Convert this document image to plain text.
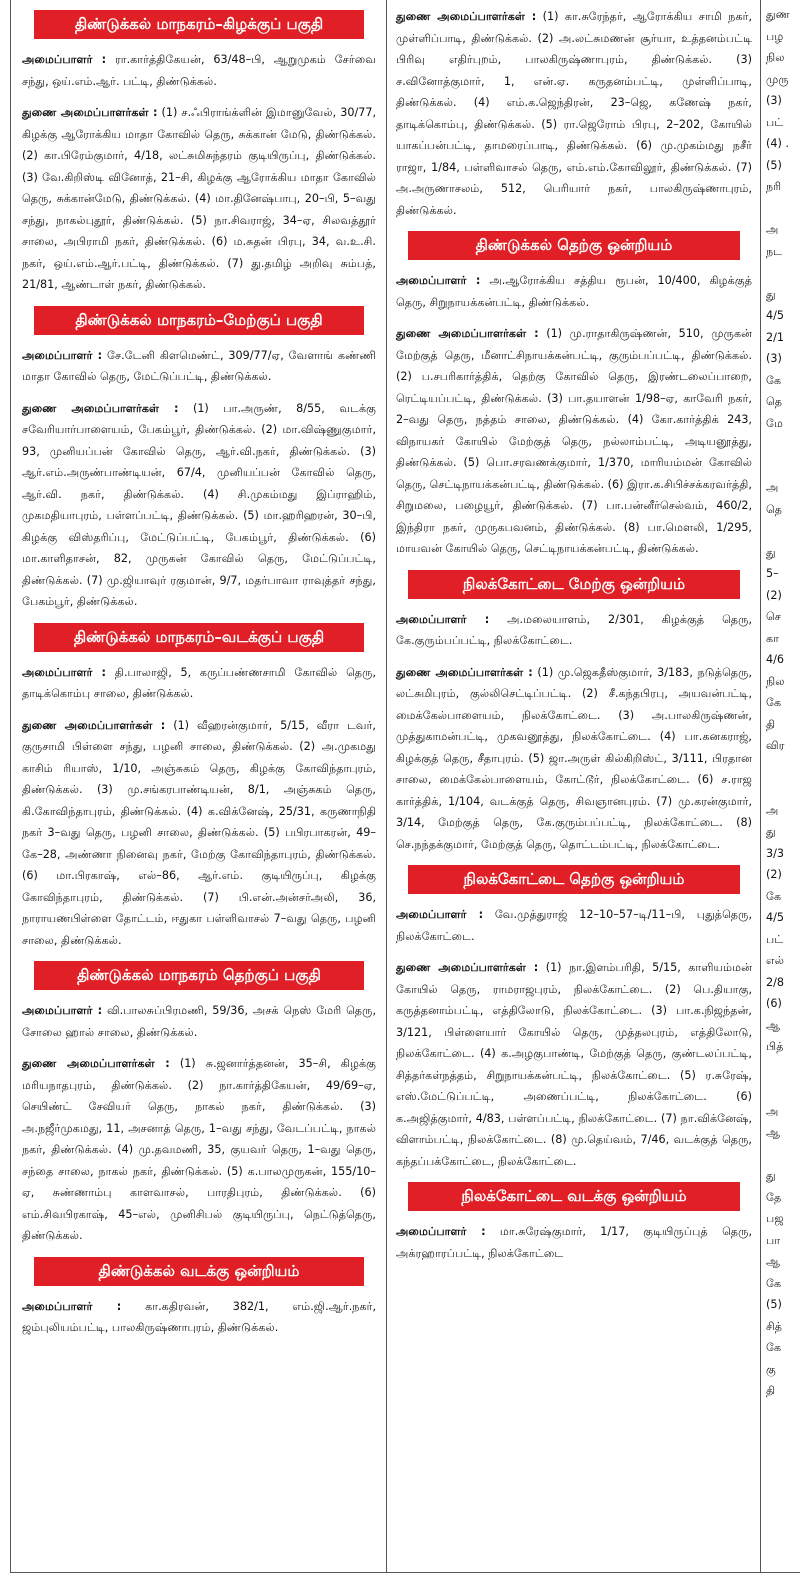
திண்டுக்கல் மாநகரம்–கிழக்குப் பகுதி

அமைப்பாளர் : ரா.கார்த்திகேயன், 63/48–பி, ஆறுமுகம் சேர்வை சந்து, ஒய்.எம்.ஆர். பட்டி, திண்டுக்கல்.

துணை அமைப்பாளர்கள் : (1) ச.ஃபிராங்க்ளின் இமானுவேல், 30/77, கிழக்கு ஆரோக்கிய மாதா கோவில் தெரு, சுக்கான் மேடு, திண்டுக்கல். (2) கா.பிரேம்குமார், 4/18, லட்சுமிசுந்தரம் குடியிருப்பு, திண்டுக்கல். (3) வே.கிறிஸ்டி வினோத், 21–சி, கிழக்கு ஆரோக்கிய மாதா கோவில் தெரு, சுக்கான்மேடு, திண்டுக்கல். (4) மா.தினேஷ்பாபு, 20–பி, 5–வது சந்து, நாகல்புதூர், திண்டுக்கல். (5) நா.சிவராஜ், 34–ஏ, சிலவத்தூர் சாலை, அபிராமி நகர், திண்டுக்கல். (6) ம.சுதன் பிரபு, 34, வ.உ.சி. நகர், ஒய்.எம்.ஆர்.பட்டி, திண்டுக்கல். (7) து.தமிழ் அறிவு சும்பத், 21/81, ஆண்டாள் நகர், திண்டுக்கல்.

திண்டுக்கல் மாநகரம்–மேற்குப் பகுதி

அமைப்பாளர் : சே.டேனி கிளமெண்ட், 309/77/ஏ, வேளாங் கண்ணி மாதா கோவில் தெரு, மேட்டுப்பட்டி, திண்டுக்கல்.

துணை அமைப்பாளர்கள் : (1) பா.அருண், 8/55, வடக்கு சவேரியார்பாளையம், பேகம்பூர், திண்டுக்கல். (2) மா.விஷ்ணுகுமார், 93, முனியப்பன் கோவில் தெரு, ஆர்.வி.நகர், திண்டுக்கல். (3) ஆர்.எம்.அருண்பாண்டியன், 67/4, முனியப்பன் கோவில் தெரு, ஆர்.வி. நகர், திண்டுக்கல். (4) சி.முகம்மது இப்ராஹிம், முகமதியாபுரம், பள்ளப்பட்டி, திண்டுக்கல். (5) மா.ஹரிஹரன், 30–பி, கிழக்கு விஸ்தரிப்பு, மேட்டுப்பட்டி, பேகம்பூர், திண்டுக்கல். (6) மா.காளிதாசன், 82, முருகன் கோவில் தெரு, மேட்டுப்பட்டி, திண்டுக்கல். (7) மு.ஜியாவுர் ரகுமான், 9/7, மதர்பாவா ராவுத்தர் சந்து, பேகம்பூர், திண்டுக்கல்.

திண்டுக்கல் மாநகரம்–வடக்குப் பகுதி

அமைப்பாளர் : தி.பாலாஜி, 5, கருப்பண்ணசாமி கோவில் தெரு, தாடிக்கொம்பு சாலை, திண்டுக்கல்.

துணை அமைப்பாளர்கள் : (1) வீஹரன்குமார், 5/15, வீரா டவர், குருசாமி பிள்ளை சந்து, பழனி சாலை, திண்டுக்கல். (2) அ.முகமது காசிம் ரியாஸ், 1/10, அஞ்சுகம் தெரு, கிழக்கு கோவிந்தாபுரம், திண்டுக்கல். (3) மு.சங்கரபாண்டியன், 8/1, அஞ்சுகம் தெரு, கி.கோவிந்தாபுரம், திண்டுக்கல். (4) க.விக்னேஷ், 25/31, கருணாநிதி நகர் 3–வது தெரு, பழனி சாலை, திண்டுக்கல். (5) பபிரபாகரன், 49–கே–28, அண்ணா நினைவு நகர், மேற்கு கோவிந்தாபுரம், திண்டுக்கல். (6) மா.பிரகாஷ், எல்–86, ஆர்.எம். குடியிருப்பு, கிழக்கு கோவிந்தாபுரம், திண்டுக்கல். (7) பி.என்.அன்சர்அலி, 36, நாராயணபிள்ளை தோட்டம், ஈதுகா பள்ளிவாசல் 7–வது தெரு, பழனி சாலை, திண்டுக்கல்.

திண்டுக்கல் மாநகரம் தெற்குப் பகுதி

அமைப்பாளர் : வி.பாலசுப்பிரமணி, 59/36, அசக் நெஸ் மேரி தெரு, சோலை ஹால் சாலை, திண்டுக்கல்.

துணை அமைப்பாளர்கள் : (1) சு.ஜனார்த்தனன், 35–சி, கிழக்கு மரியநாதபுரம், திண்டுக்கல். (2) நா.கார்த்திகேயன், 49/69–ஏ, செயிண்ட் சேவியர் தெரு, நாகல் நகர், திண்டுக்கல். (3) அ.நஜீர்முகமது, 11, அசனாத் தெரு, 1–வது சந்து, வேடப்பட்டி, நாகல் நகர், திண்டுக்கல். (4) மு.தவமணி, 35, குயவர் தெரு, 1–வது தெரு, சந்தை சாலை, நாகல் நகர், திண்டுக்கல். (5) க.பாலமுருகன், 155/10–ஏ, சுண்ணாம்பு காளவாசல், பாரதிபுரம், திண்டுக்கல். (6) எம்.சிவபிரகாஷ், 45–எல், முனிசிபல் குடியிருப்பு, நெட்டுத்தெரு, திண்டுக்கல்.

திண்டுக்கல் வடக்கு ஒன்றியம்

அமைப்பாளர் : கா.கதிரவன், 382/1, எம்.ஜி.ஆர்.நகர், ஜம்புலியம்பட்டி, பாலகிருஷ்ணாபுரம், திண்டுக்கல்.

துணை அமைப்பாளர்கள் : (1) கா.சுரேந்தர், ஆரோக்கிய சாமி நகர், முள்ளிப்பாடி, திண்டுக்கல். (2) அ.லட்சுமணன் சூர்யா, உத்தனம்பட்டி பிரிவு எதிர்புறம், பாலகிருஷ்ணாபுரம், திண்டுக்கல். (3) ச.வினோத்குமார், 1, என்.ஏ. கருதனம்பட்டி, முள்ளிப்பாடி, திண்டுக்கல். (4) எம்.க.ஜெந்திரன், 23–ஜெ, கணேஷ் நகர், தாடிக்கொம்பு, திண்டுக்கல். (5) ரா.ஜெரோம் பிரபு, 2–202, கோயில் யாகப்பன்பட்டி, தாமரைப்பாடி, திண்டுக்கல். (6) மு.முகம்மது நசீர் ராஜா, 1/84, பள்ளிவாசல் தெரு, எம்.எம்.கோவிலூர், திண்டுக்கல். (7) அ.அருணாசலம், 512, பெரியார் நகர், பாலகிருஷ்ணாபுரம், திண்டுக்கல்.

திண்டுக்கல் தெற்கு ஒன்றியம்

அமைப்பாளர் : அ.ஆரோக்கிய சத்திய ரூபன், 10/400, கிழக்குத் தெரு, சிறுநாயக்கன்பட்டி, திண்டுக்கல்.

துணை அமைப்பாளர்கள் : (1) மு.ராதாகிருஷ்ணன், 510, முருகன் மேற்குத் தெரு, மீனாட்சிநாயக்கன்பட்டி, குரும்பப்பட்டி, திண்டுக்கல். (2) ப.சபரிகார்த்திக், தெற்கு கோவில் தெரு, இரண்டலைப்பாறை, ரெட்டியப்பட்டி, திண்டுக்கல். (3) பா.தயாளன் 1/98–ஏ, காவேரி நகர், 2–வது தெரு, நத்தம் சாலை, திண்டுக்கல். (4) கோ.கார்த்திக் 243, விநாயகர் கோயில் மேற்குத் தெரு, நல்லாம்பட்டி, அடியனூத்து, திண்டுக்கல். (5) பொ.சரவணக்குமார், 1/370, மாரியம்மன் கோவில் தெரு, செட்டிநாயக்கன்பட்டி, திண்டுக்கல். (6) இரா.க.சிபிச்சக்கரவர்த்தி, சிறுமலை, பழையூர், திண்டுக்கல். (7) பா.பன்னீர்செல்வம், 460/2, இந்திரா நகர், முருகபவனம், திண்டுக்கல். (8) பா.மௌலி, 1/295, மாயவன் கோயில் தெரு, செட்டிநாயக்கன்பட்டி, திண்டுக்கல்.

நிலக்கோட்டை மேற்கு ஒன்றியம்

அமைப்பாளர் : அ.மலையாளம், 2/301, கிழக்குத் தெரு, கே.குரும்பப்பட்டி, நிலக்கோட்டை.

துணை அமைப்பாளர்கள் : (1) மு.ஜெகதீஸ்குமார், 3/183, நடுத்தெரு, லட்சுமிபுரம், குல்லிசெட்டிப்பட்டி. (2) சீ.கந்தபிரபு, அயவன்பட்டி, மைக்கேல்பாளையம், நிலக்கோட்டை. (3) அ.பாலகிருஷ்ணன், முத்துகாமன்பட்டி, முகவனூத்து, நிலக்கோட்டை. (4) பா.கனகராஜ், கிழக்குத் தெரு, சீதாபுரம். (5) ஜா.அருள் கில்கிறிஸ்ட், 3/111, பிரதான சாலை, மைக்கேல்பாளையம், கோட்டூர், நிலக்கோட்டை. (6) ச.ராஜ கார்த்திக், 1/104, வடக்குத் தெரு, சிவஞானபுரம். (7) மு.கரன்குமார், 3/14, மேற்குத் தெரு, கே.குரும்பப்பட்டி, நிலக்கோட்டை. (8) செ.நந்தக்குமார், மேற்குத் தெரு, தொட்டம்பட்டி, நிலக்கோட்டை.

நிலக்கோட்டை தெற்கு ஒன்றியம்

அமைப்பாளர் : வே.முத்துராஜ் 12–10–57–டி/11–பி, புதுத்தெரு, நிலக்கோட்டை.

துணை அமைப்பாளர்கள் : (1) நா.இளம்பரிதி, 5/15, காளியம்மன் கோயில் தெரு, ராமராஜபுரம், நிலக்கோட்டை. (2) பெ.தியாகு, கருத்தனாம்பட்டி, எத்திலோடு, நிலக்கோட்டை. (3) பா.க.நிஜந்தன், 3/121, பிள்ளையார் கோயில் தெரு, முத்தலபுரம், எத்திலோடு, நிலக்கோட்டை. (4) க.அழகுபாண்டி, மேற்குத் தெரு, குண்டலப்பட்டி, சித்தர்கள்நத்தம், சிறுநாயக்கன்பட்டி, நிலக்கோட்டை. (5) ர.சுரேஷ், எஸ்.மேட்டுப்பட்டி, அணைப்பட்டி, நிலக்கோட்டை. (6) க.அஜித்குமார், 4/83, பள்ளப்பட்டி, நிலக்கோட்டை. (7) நா.விக்னேஷ், விளாம்பட்டி, நிலக்கோட்டை. (8) மு.தெய்வம், 7/46, வடக்குத் தெரு, கந்தப்பக்கோட்டை, நிலக்கோட்டை.

நிலக்கோட்டை வடக்கு ஒன்றியம்

அமைப்பாளர் : மா.சுரேஷ்குமார், 1/17, குடியிருப்புத் தெரு, அக்ரஹாரப்பட்டி, நிலக்கோட்டை

துண
பழ
நில
முரு
(3)
பட்
(4) .
(5)
நரி

அ
நட

து
4/5
2/1
(3)
கே
தெ
மே

அ
தெ

து
5–
(2)
செ
கா
4/6
நில
கே
தி
விர

அ
து
3/3
(2)
கே
4/5
பட்
எல்
2/8
(6)
ஆ
பித்

அ
ஆ

து
தே
பஜ
பா
ஆ
கே
(5)
சித்
கே
கு
தி
